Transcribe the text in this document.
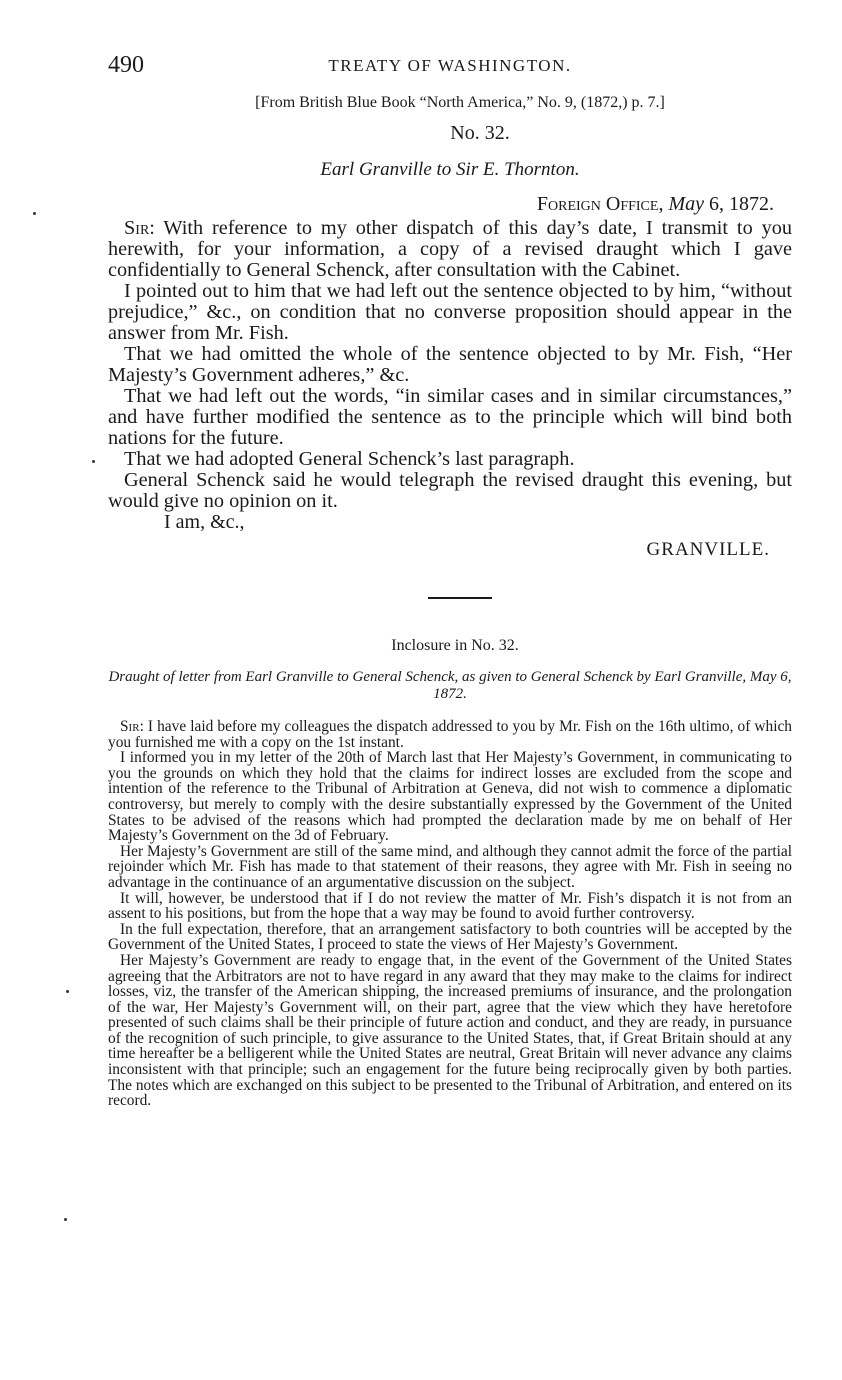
490	TREATY OF WASHINGTON.
[From British Blue Book “North America,” No. 9, (1872,) p. 7.]
No. 32.
Earl Granville to Sir E. Thornton.
Foreign Office, May 6, 1872.

Sir: With reference to my other dispatch of this day’s date, I transmit to you herewith, for your information, a copy of a revised draught which I gave confidentially to General Schenck, after consultation with the Cabinet.

I pointed out to him that we had left out the sentence objected to by him, “without prejudice,” &c., on condition that no converse proposition should appear in the answer from Mr. Fish.

That we had omitted the whole of the sentence objected to by Mr. Fish, “Her Majesty’s Government adheres,” &c.

That we had left out the words, “in similar cases and in similar circumstances,” and have further modified the sentence as to the principle which will bind both nations for the future.

That we had adopted General Schenck’s last paragraph.

General Schenck said he would telegraph the revised draught this evening, but would give no opinion on it.

I am, &c.,

GRANVILLE.
Inclosure in No. 32.
Draught of letter from Earl Granville to General Schenck, as given to General Schenck by Earl Granville, May 6, 1872.

Sir: I have laid before my colleagues the dispatch addressed to you by Mr. Fish on the 16th ultimo, of which you furnished me with a copy on the 1st instant.

I informed you in my letter of the 20th of March last that Her Majesty’s Government, in communicating to you the grounds on which they hold that the claims for indirect losses are excluded from the scope and intention of the reference to the Tribunal of Arbitration at Geneva, did not wish to commence a diplomatic controversy, but merely to comply with the desire substantially expressed by the Government of the United States to be advised of the reasons which had prompted the declaration made by me on behalf of Her Majesty’s Government on the 3d of February.

Her Majesty’s Government are still of the same mind, and although they cannot admit the force of the partial rejoinder which Mr. Fish has made to that statement of their reasons, they agree with Mr. Fish in seeing no advantage in the continuance of an argumentative discussion on the subject.

It will, however, be understood that if I do not review the matter of Mr. Fish’s dispatch it is not from an assent to his positions, but from the hope that a way may be found to avoid further controversy.

In the full expectation, therefore, that an arrangement satisfactory to both countries will be accepted by the Government of the United States, I proceed to state the views of Her Majesty’s Government.

Her Majesty’s Government are ready to engage that, in the event of the Government of the United States agreeing that the Arbitrators are not to have regard in any award that they may make to the claims for indirect losses, viz, the transfer of the American shipping, the increased premiums of insurance, and the prolongation of the war, Her Majesty’s Government will, on their part, agree that the view which they have heretofore presented of such claims shall be their principle of future action and conduct, and they are ready, in pursuance of the recognition of such principle, to give assurance to the United States, that, if Great Britain should at any time hereafter be a belligerent while the United States are neutral, Great Britain will never advance any claims inconsistent with that principle; such an engagement for the future being reciprocally given by both parties. The notes which are exchanged on this subject to be presented to the Tribunal of Arbitration, and entered on its record.
